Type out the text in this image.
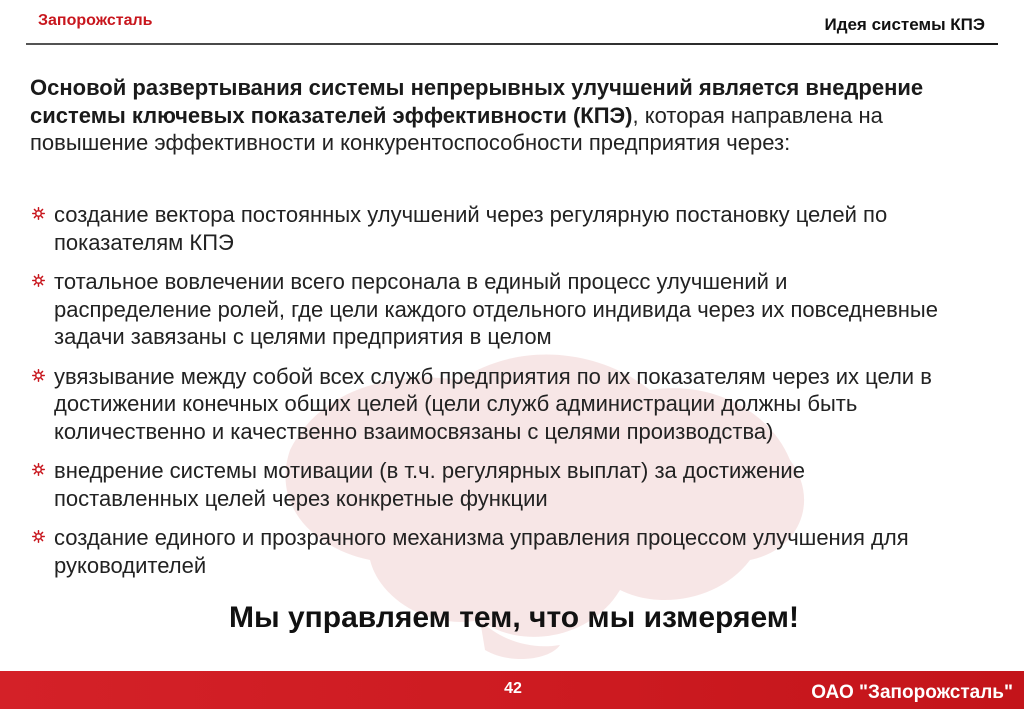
Запорожсталь	Идея системы КПЭ
Основой развертывания системы непрерывных улучшений является внедрение
системы ключевых показателей эффективности (КПЭ), которая направлена на
повышение эффективности и конкурентоспособности предприятия через:
создание вектора постоянных улучшений через регулярную постановку целей по
показателям КПЭ
тотальное вовлечении всего персонала в единый процесс улучшений и
распределение ролей, где цели каждого отдельного индивида через их повседневные
задачи завязаны с целями предприятия в целом
увязывание между собой всех служб предприятия по их показателям через их цели в
достижении конечных общих целей (цели служб администрации должны быть
количественно и качественно взаимосвязаны с целями производства)
внедрение системы мотивации (в т.ч. регулярных выплат) за достижение
поставленных целей через конкретные функции
создание единого и прозрачного механизма управления процессом улучшения для
руководителей
Мы управляем тем, что мы измеряем!
42	ОАО "Запорожсталь"
